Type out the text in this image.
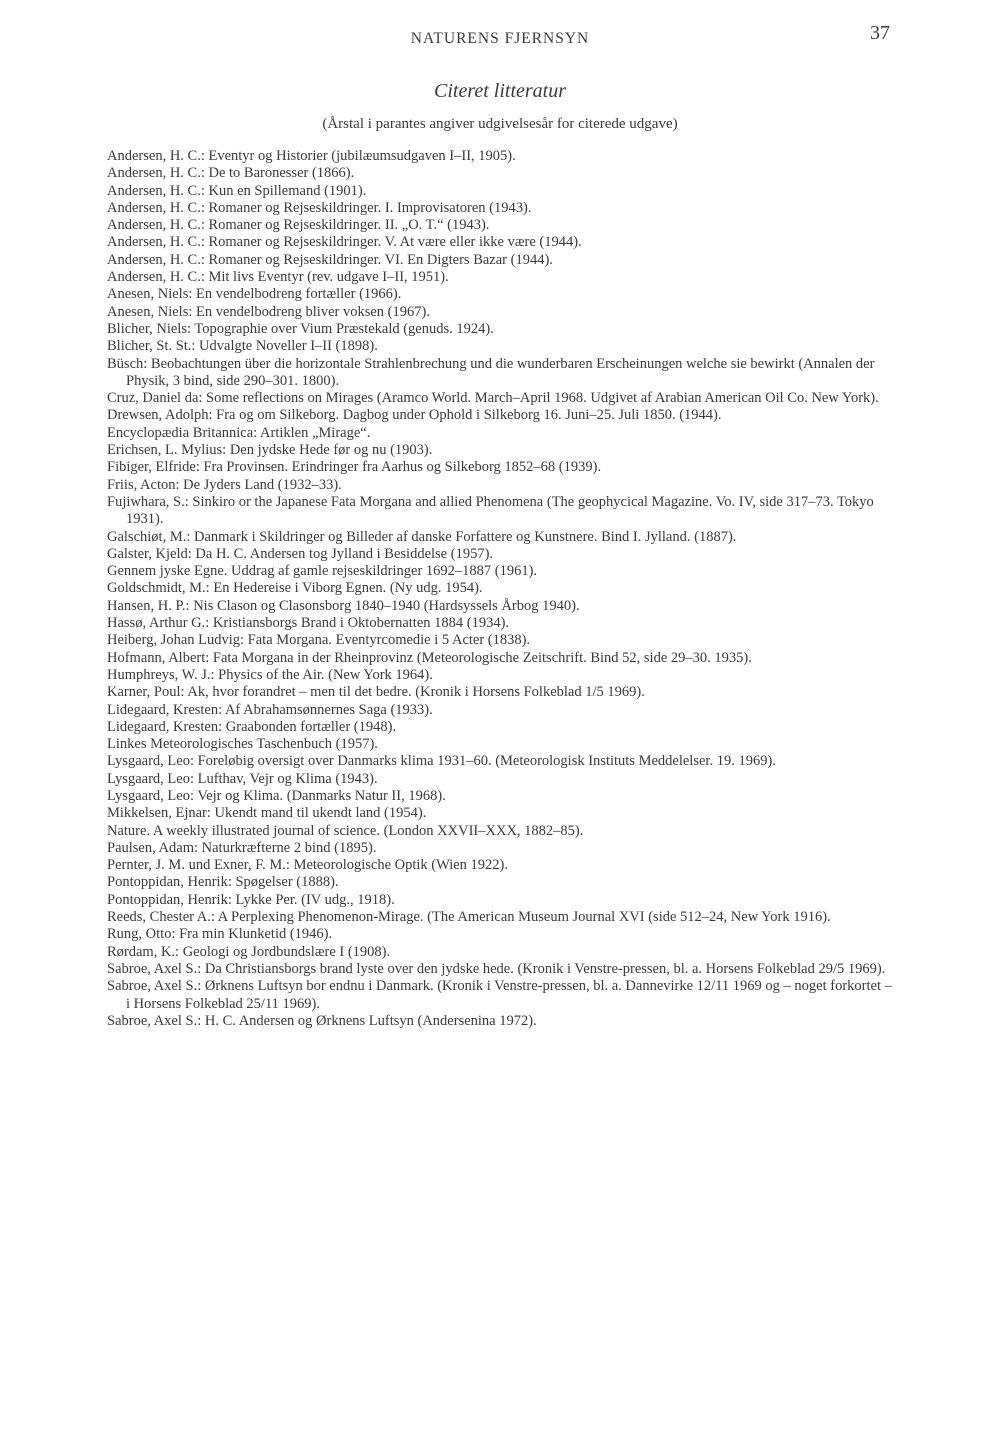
NATURENS FJERNSYN	37
Citeret litteratur
(Årstal i parantes angiver udgivelsesår for citerede udgave)
Andersen, H. C.: Eventyr og Historier (jubilæumsudgaven I–II, 1905).
Andersen, H. C.: De to Baronesser (1866).
Andersen, H. C.: Kun en Spillemand (1901).
Andersen, H. C.: Romaner og Rejseskildringer. I. Improvisatoren (1943).
Andersen, H. C.: Romaner og Rejseskildringer. II. „O. T.“ (1943).
Andersen, H. C.: Romaner og Rejseskildringer. V. At være eller ikke være (1944).
Andersen, H. C.: Romaner og Rejseskildringer. VI. En Digters Bazar (1944).
Andersen, H. C.: Mit livs Eventyr (rev. udgave I–II, 1951).
Anesen, Niels: En vendelbodreng fortæller (1966).
Anesen, Niels: En vendelbodreng bliver voksen (1967).
Blicher, Niels: Topographie over Vium Præstekald (genuds. 1924).
Blicher, St. St.: Udvalgte Noveller I–II (1898).
Büsch: Beobachtungen über die horizontale Strahlenbrechung und die wunderbaren Erscheinungen welche sie bewirkt (Annalen der Physik, 3 bind, side 290–301. 1800).
Cruz, Daniel da: Some reflections on Mirages (Aramco World. March–April 1968. Udgivet af Arabian American Oil Co. New York).
Drewsen, Adolph: Fra og om Silkeborg. Dagbog under Ophold i Silkeborg 16. Juni–25. Juli 1850. (1944).
Encyclopædia Britannica: Artiklen „Mirage“.
Erichsen, L. Mylius: Den jydske Hede før og nu (1903).
Fibiger, Elfride: Fra Provinsen. Erindringer fra Aarhus og Silkeborg 1852–68 (1939).
Friis, Acton: De Jyders Land (1932–33).
Fujiwhara, S.: Sinkiro or the Japanese Fata Morgana and allied Phenomena (The geophycical Magazine. Vo. IV, side 317–73. Tokyo 1931).
Galschiøt, M.: Danmark i Skildringer og Billeder af danske Forfattere og Kunstnere. Bind I. Jylland. (1887).
Galster, Kjeld: Da H. C. Andersen tog Jylland i Besiddelse (1957).
Gennem jyske Egne. Uddrag af gamle rejseskildringer 1692–1887 (1961).
Goldschmidt, M.: En Hedereise i Viborg Egnen. (Ny udg. 1954).
Hansen, H. P.: Nis Clason og Clasonsborg 1840–1940 (Hardsyssels Årbog 1940).
Hassø, Arthur G.: Kristiansborgs Brand i Oktobernatten 1884 (1934).
Heiberg, Johan Ludvig: Fata Morgana. Eventyrcomedie i 5 Acter (1838).
Hofmann, Albert: Fata Morgana in der Rheinprovinz (Meteorologische Zeitschrift. Bind 52, side 29–30. 1935).
Humphreys, W. J.: Physics of the Air. (New York 1964).
Karner, Poul: Ak, hvor forandret – men til det bedre. (Kronik i Horsens Folkeblad 1/5 1969).
Lidegaard, Kresten: Af Abrahamsønnernes Saga (1933).
Lidegaard, Kresten: Graabonden fortæller (1948).
Linkes Meteorologisches Taschenbuch (1957).
Lysgaard, Leo: Foreløbig oversigt over Danmarks klima 1931–60. (Meteorologisk Instituts Meddelelser. 19. 1969).
Lysgaard, Leo: Lufthav, Vejr og Klima (1943).
Lysgaard, Leo: Vejr og Klima. (Danmarks Natur II, 1968).
Mikkelsen, Ejnar: Ukendt mand til ukendt land (1954).
Nature. A weekly illustrated journal of science. (London XXVII–XXX, 1882–85).
Paulsen, Adam: Naturkræfterne 2 bind (1895).
Pernter, J. M. und Exner, F. M.: Meteorologische Optik (Wien 1922).
Pontoppidan, Henrik: Spøgelser (1888).
Pontoppidan, Henrik: Lykke Per. (IV udg., 1918).
Reeds, Chester A.: A Perplexing Phenomenon-Mirage. (The American Museum Journal XVI (side 512–24, New York 1916).
Rung, Otto: Fra min Klunketid (1946).
Rørdam, K.: Geologi og Jordbundslære I (1908).
Sabroe, Axel S.: Da Christiansborgs brand lyste over den jydske hede. (Kronik i Venstre-pressen, bl. a. Horsens Folkeblad 29/5 1969).
Sabroe, Axel S.: Ørknens Luftsyn bor endnu i Danmark. (Kronik i Venstre-pressen, bl. a. Dannevirke 12/11 1969 og – noget forkortet – i Horsens Folkeblad 25/11 1969).
Sabroe, Axel S.: H. C. Andersen og Ørknens Luftsyn (Andersenina 1972).
